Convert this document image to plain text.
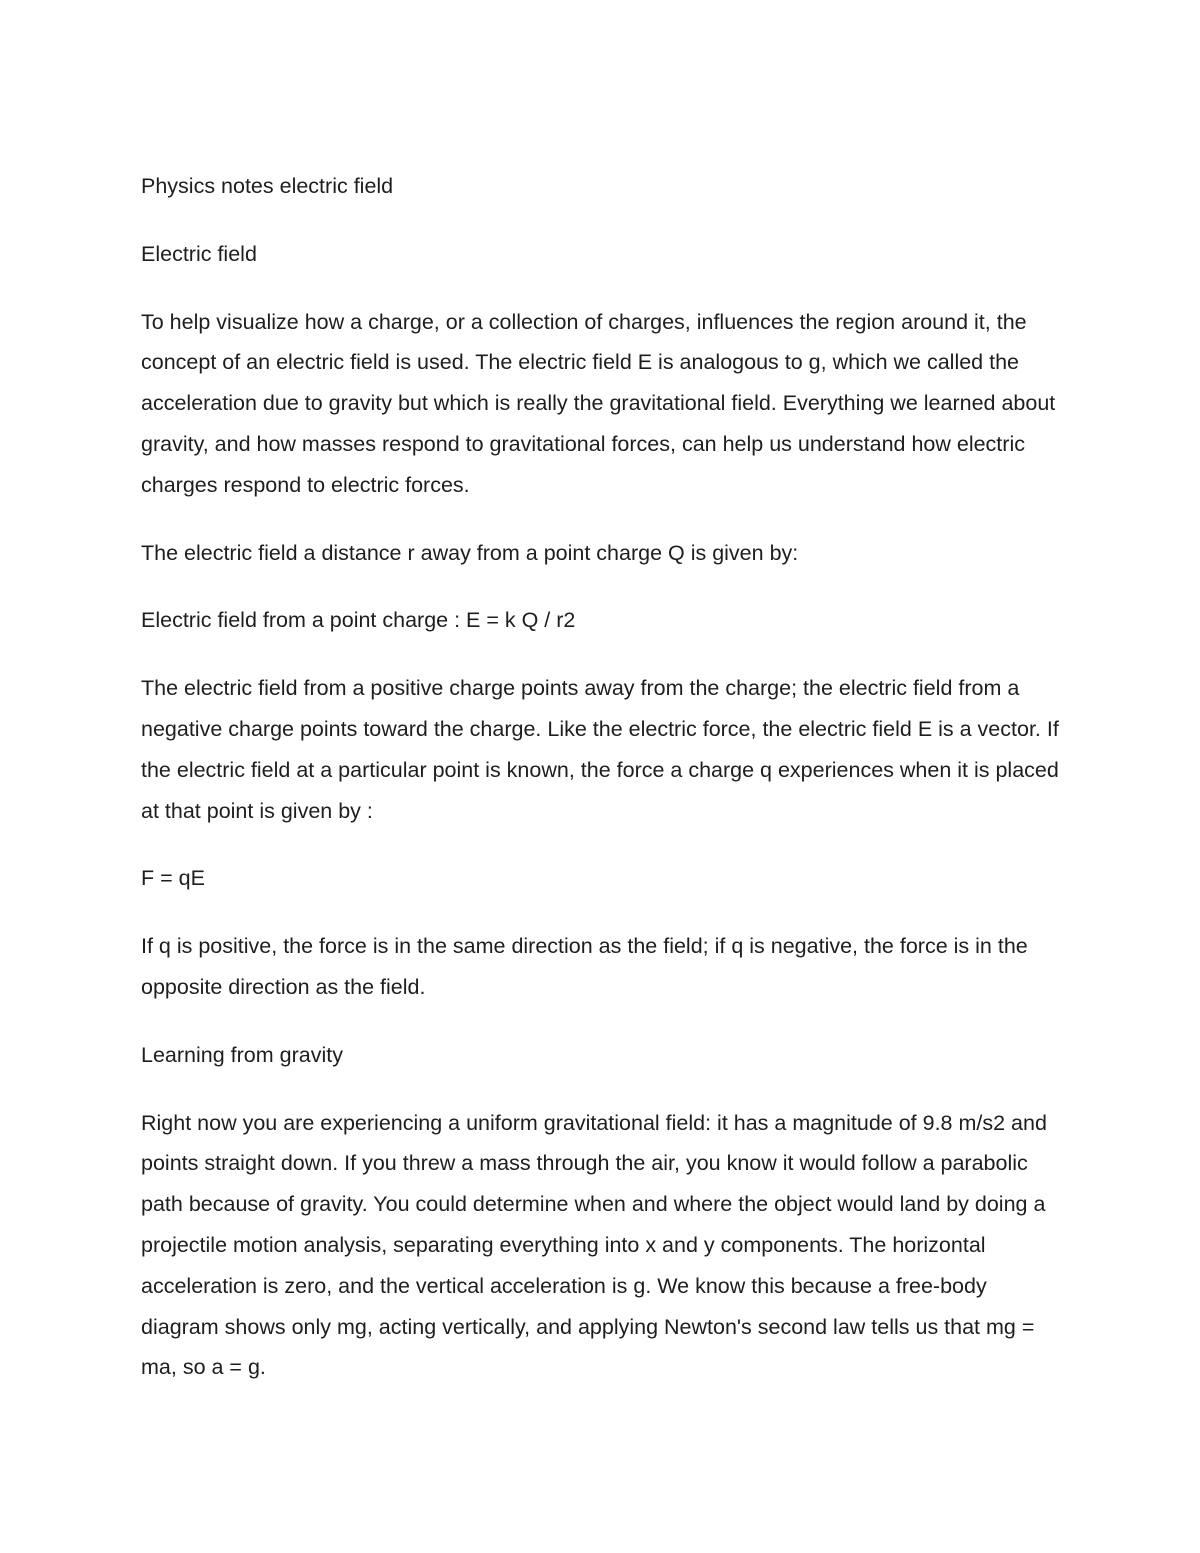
Physics notes electric field

Electric field

To help visualize how a charge, or a collection of charges, influences the region around it, the concept of an electric field is used. The electric field E is analogous to g, which we called the acceleration due to gravity but which is really the gravitational field. Everything we learned about gravity, and how masses respond to gravitational forces, can help us understand how electric charges respond to electric forces.

The electric field a distance r away from a point charge Q is given by:

Electric field from a point charge : E = k Q / r2

The electric field from a positive charge points away from the charge; the electric field from a negative charge points toward the charge. Like the electric force, the electric field E is a vector. If the electric field at a particular point is known, the force a charge q experiences when it is placed at that point is given by :

F = qE

If q is positive, the force is in the same direction as the field; if q is negative, the force is in the opposite direction as the field.

Learning from gravity

Right now you are experiencing a uniform gravitational field: it has a magnitude of 9.8 m/s2 and points straight down. If you threw a mass through the air, you know it would follow a parabolic path because of gravity. You could determine when and where the object would land by doing a projectile motion analysis, separating everything into x and y components. The horizontal acceleration is zero, and the vertical acceleration is g. We know this because a free-body diagram shows only mg, acting vertically, and applying Newton's second law tells us that mg = ma, so a = g.
